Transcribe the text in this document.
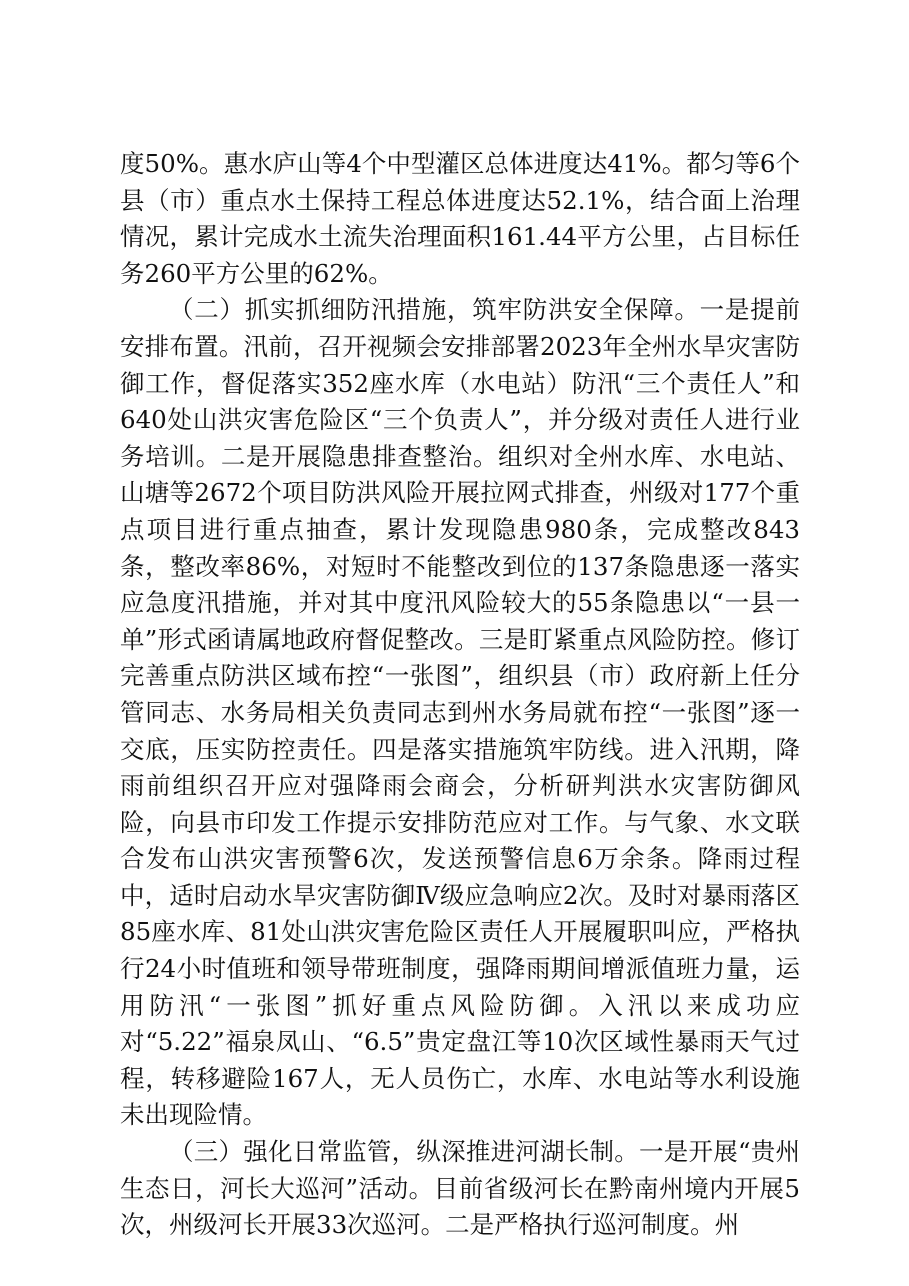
度50%。惠水庐山等4个中型灌区总体进度达41%。都匀等6个县（市）重点水土保持工程总体进度达52.1%，结合面上治理情况，累计完成水土流失治理面积161.44平方公里，占目标任务260平方公里的62%。

（二）抓实抓细防汛措施，筑牢防洪安全保障。一是提前安排布置。汛前，召开视频会安排部署2023年全州水旱灾害防御工作，督促落实352座水库（水电站）防汛“三个责任人”和640处山洪灾害危险区“三个负责人”，并分级对责任人进行业务培训。二是开展隐患排查整治。组织对全州水库、水电站、山塘等2672个项目防洪风险开展拉网式排查，州级对177个重点项目进行重点抽查，累计发现隐患980条，完成整改843条，整改率86%，对短时不能整改到位的137条隐患逐一落实应急度汛措施，并对其中度汛风险较大的55条隐患以“一县一单”形式函请属地政府督促整改。三是盯紧重点风险防控。修订完善重点防洪区域布控“一张图”，组织县（市）政府新上任分管同志、水务局相关负责同志到州水务局就布控“一张图”逐一交底，压实防控责任。四是落实措施筑牢防线。进入汛期，降雨前组织召开应对强降雨会商会，分析研判洪水灾害防御风险，向县市印发工作提示安排防范应对工作。与气象、水文联合发布山洪灾害预警6次，发送预警信息6万余条。降雨过程中，适时启动水旱灾害防御Ⅳ级应急响应2次。及时对暴雨落区85座水库、81处山洪灾害危险区责任人开展履职叫应，严格执行24小时值班和领导带班制度，强降雨期间增派值班力量，运用防汛“一张图”抓好重点风险防御。入汛以来成功应对“5.22”福泉凤山、“6.5”贵定盘江等10次区域性暴雨天气过程，转移避险167人，无人员伤亡，水库、水电站等水利设施未出现险情。

（三）强化日常监管，纵深推进河湖长制。一是开展“贵州生态日，河长大巡河”活动。目前省级河长在黔南州境内开展5次，州级河长开展33次巡河。二是严格执行巡河制度。州
